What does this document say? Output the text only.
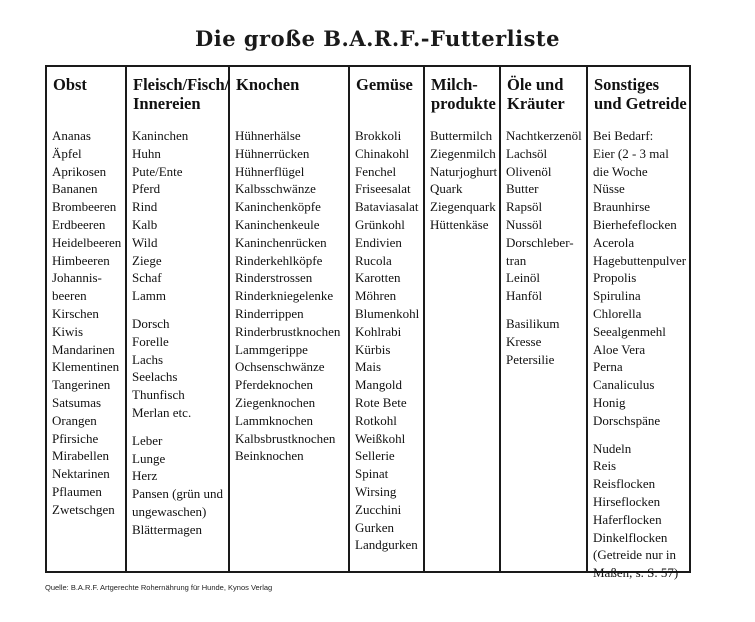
Die große B.A.R.F.-Futterliste
Obst
Ananas
Äpfel
Aprikosen
Bananen
Brombeeren
Erdbeeren
Heidelbeeren
Himbeeren
Johannis-
beeren
Kirschen
Kiwis
Mandarinen
Klementinen
Tangerinen
Satsumas
Orangen
Pfirsiche
Mirabellen
Nektarinen
Pflaumen
Zwetschgen
Fleisch/Fisch/
Innereien
Kaninchen
Huhn
Pute/Ente
Pferd
Rind
Kalb
Wild
Ziege
Schaf
Lamm
Dorsch
Forelle
Lachs
Seelachs
Thunfisch
Merlan etc.
Leber
Lunge
Herz
Pansen (grün und
ungewaschen)
Blättermagen
Knochen
Hühnerhälse
Hühnerrücken
Hühnerflügel
Kalbsschwänze
Kaninchenköpfe
Kaninchenkeule
Kaninchenrücken
Rinderkehlköpfe
Rinderstrossen
Rinderkniegelenke
Rinderrippen
Rinderbrustknochen
Lammgerippe
Ochsenschwänze
Pferdeknochen
Ziegenknochen
Lammknochen
Kalbsbrustknochen
Beinknochen
Gemüse
Brokkoli
Chinakohl
Fenchel
Friseesalat
Bataviasalat
Grünkohl
Endivien
Rucola
Karotten
Möhren
Blumenkohl
Kohlrabi
Kürbis
Mais
Mangold
Rote Bete
Rotkohl
Weißkohl
Sellerie
Spinat
Wirsing
Zucchini
Gurken
Landgurken
Milch-
produkte
Buttermilch
Ziegenmilch
Naturjoghurt
Quark
Ziegenquark
Hüttenkäse
Öle und
Kräuter
Nachtkerzenöl
Lachsöl
Olivenöl
Butter
Rapsöl
Nussöl
Dorschleber-
tran
Leinöl
Hanföl
Basilikum
Kresse
Petersilie
Sonstiges
und Getreide
Bei Bedarf:
Eier (2 - 3 mal
die Woche
Nüsse
Braunhirse
Bierhefeflocken
Acerola
Hagebuttenpulver
Propolis
Spirulina
Chlorella
Seealgenmehl
Aloe Vera
Perna
Canaliculus
Honig
Dorschspäne
Nudeln
Reis
Reisflocken
Hirseflocken
Haferflocken
Dinkelflocken
(Getreide nur in
Maßen, s. S. 57)
Quelle: B.A.R.F. Artgerechte Rohernährung für Hunde, Kynos Verlag
